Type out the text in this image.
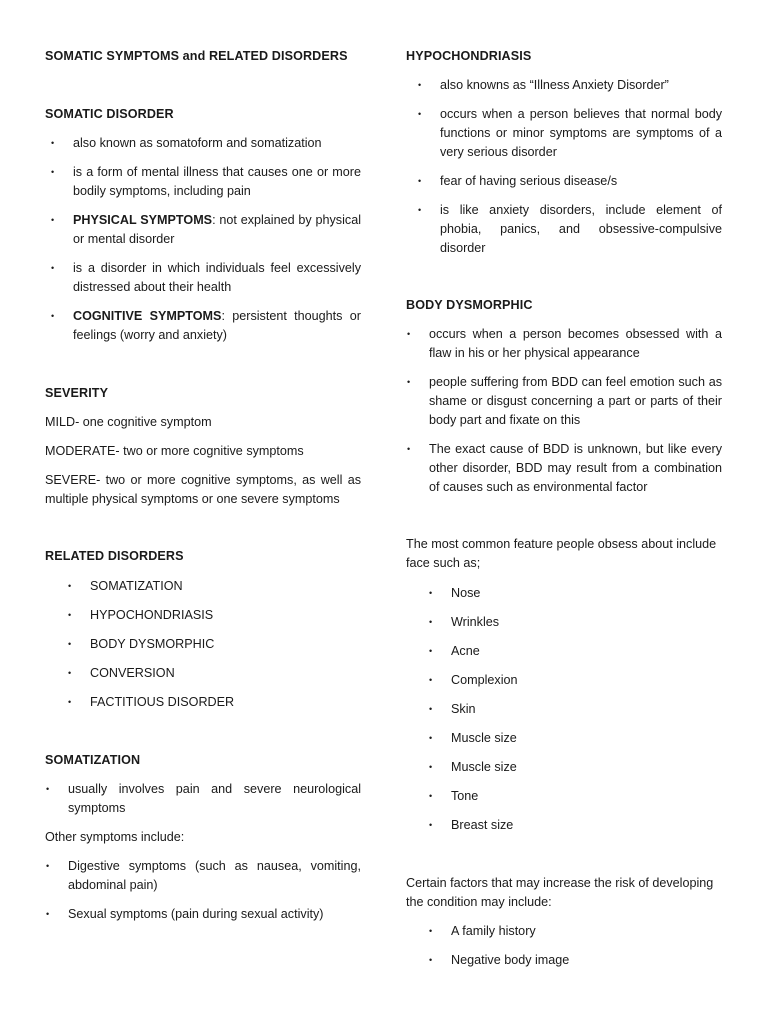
SOMATIC SYMPTOMS and RELATED DISORDERS
SOMATIC DISORDER
• also known as somatoform and somatization
• is a form of mental illness that causes one or more bodily symptoms, including pain
• PHYSICAL SYMPTOMS: not explained by physical or mental disorder
• is a disorder in which individuals feel excessively distressed about their health
• COGNITIVE SYMPTOMS: persistent thoughts or feelings (worry and anxiety)
SEVERITY

MILD- one cognitive symptom

MODERATE- two or more cognitive symptoms

SEVERE- two or more cognitive symptoms, as well as multiple physical symptoms or one severe symptoms

RELATED DISORDERS
• SOMATIZATION
• HYPOCHONDRIASIS
• BODY DYSMORPHIC
• CONVERSION
• FACTITIOUS DISORDER
SOMATIZATION
• usually involves pain and severe neurological symptoms

Other symptoms include:

• Digestive symptoms (such as nausea, vomiting, abdominal pain)
• Sexual symptoms (pain during sexual activity)
HYPOCHONDRIASIS
• also knowns as “Illness Anxiety Disorder”
• occurs when a person believes that normal body functions or minor symptoms are symptoms of a very serious disorder
• fear of having serious disease/s
• is like anxiety disorders, include element of phobia, panics, and obsessive-compulsive disorder
BODY DYSMORPHIC
• occurs when a person becomes obsessed with a flaw in his or her physical appearance
• people suffering from BDD can feel emotion such as shame or disgust concerning a part or parts of their body part and fixate on this
• The exact cause of BDD is unknown, but like every other disorder, BDD may result from a combination of causes such as environmental factor

The most common feature people obsess about include face such as;

• Nose
• Wrinkles
• Acne
• Complexion
• Skin
• Muscle size
• Muscle size
• Tone
• Breast size

Certain factors that may increase the risk of developing the condition may include:

• A family history
• Negative body image
